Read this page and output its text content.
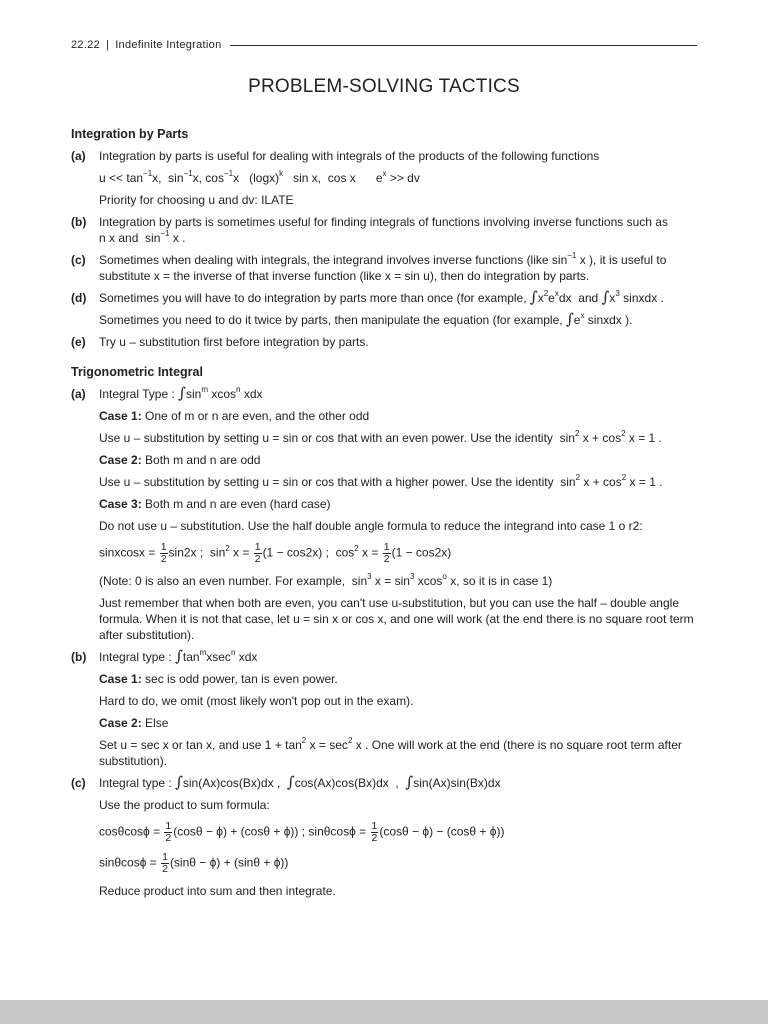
22.22 | Indefinite Integration
PROBLEM-SOLVING TACTICS
Integration by Parts
(a) Integration by parts is useful for dealing with integrals of the products of the following functions
$u << \tan^{-1}x$,  $\sin^{-1}x$, $\cos^{-1}x$   $(\log x)^k$   sin x,  cos x      $e^x$ >> dv
Priority for choosing u and dv: ILATE
(b) Integration by parts is sometimes useful for finding integrals of functions involving inverse functions such as
n x and  $\sin^{-1} x$ .
(c) Sometimes when dealing with integrals, the integrand involves inverse functions (like $\sin^{-1} x$ ), it is useful to substitute x = the inverse of that inverse function (like x = sin u), then do integration by parts.
(d) Sometimes you will have to do integration by parts more than once (for example, $\int x^2e^xdx$  and $\int x^3$ sinxdx .
Sometimes you need to do it twice by parts, then manipulate the equation (for example, $\int e^x$ sinxdx ).
(e) Try u – substitution first before integration by parts.
Trigonometric Integral
(a) Integral Type : $\int\sin^m$ xcos$^n$ xdx
Case 1: One of m or n are even, and the other odd
Use u – substitution by setting u = sin or cos that with an even power. Use the identity  $\sin^2 x + \cos^2 x = 1$ .
Case 2: Both m and n are odd
Use u – substitution by setting u = sin or cos that with a higher power. Use the identity  $\sin^2 x + \cos^2 x = 1$ .
Case 3: Both m and n are even (hard case)
Do not use u – substitution. Use the half double angle formula to reduce the integrand into case 1 o r2:
sinxcosx = $\frac{1}{2} \sin 2x$ ;  $\sin^2 x = \frac{1}{2} (1 - \cos 2x)$ ;  $\cos^2 x = \frac{1}{2} (1 - \cos 2x)$
(Note: 0 is also an even number. For example,  $\sin^3 x = \sin^3 xcos^o$ x, so it is in case 1)
Just remember that when both are even, you can't use u-substitution, but you can use the half – double angle formula. When it is not that case, let u = sin x or cos x, and one will work (at the end there is no square root term after substitution).
(b) Integral type : $\int\tan^mxsec^n$ xdx
Case 1: sec is odd power, tan is even power.
Hard to do, we omit (most likely won't pop out in the exam).
Case 2: Else
Set u = sec x or tan x, and use $1 + \tan^2 x = \sec^2 x$ . One will work at the end (there is no square root term after substitution).
(c) Integral type : ∫sin(Ax)cos(Bx)dx ,  ∫cos(Ax)cos(Bx)dx  ,  ∫sin(Ax)sin(Bx)dx
Use the product to sum formula:
$\cos\theta\cos\phi = \frac{1}{2} (\cos\theta - \phi) + (\cos\theta + \phi)$) ; $\sin\theta\cos\phi = \frac{1}{2} (\cos\theta - \phi) - (\cos\theta + \phi)$)
$\sin\theta\cos\phi = \frac{1}{2} (\sin\theta - \phi) + (\sin\theta + \phi)$)
Reduce product into sum and then integrate.
